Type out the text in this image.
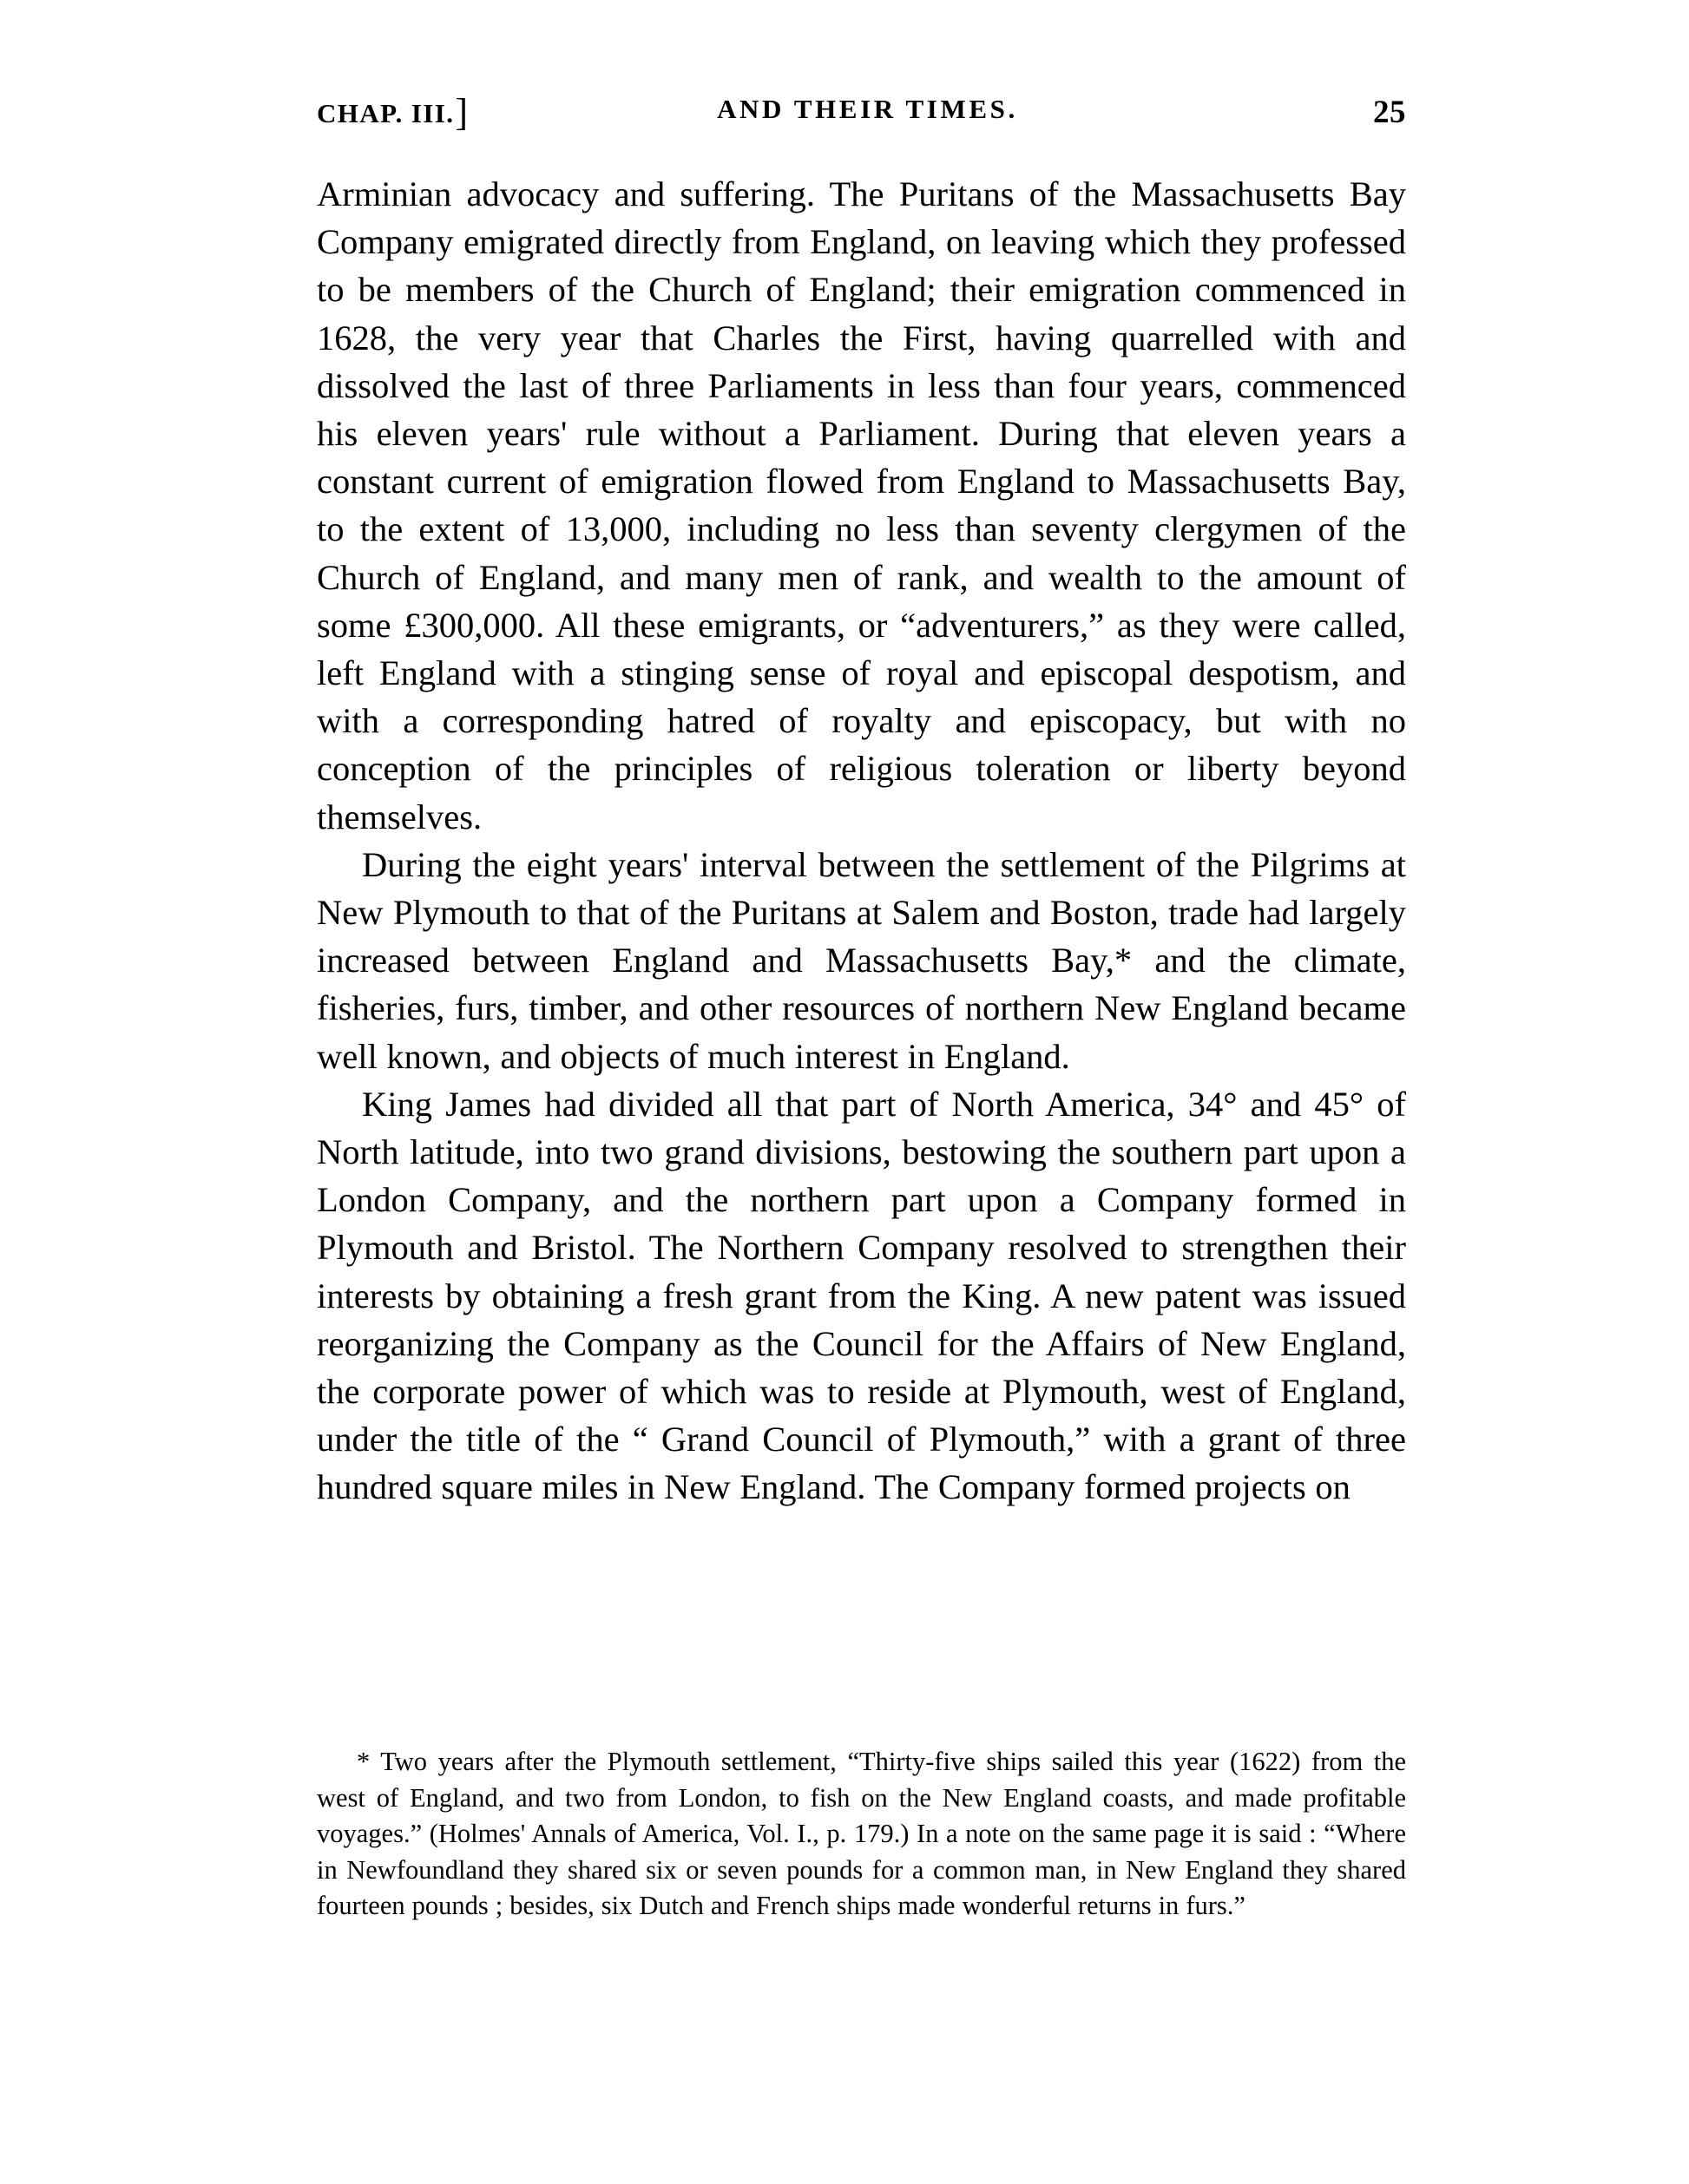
CHAP. III. ]	AND THEIR TIMES.	25

Arminian advocacy and suffering. The Puritans of the Massachusetts Bay Company emigrated directly from England, on leaving which they professed to be members of the Church of England; their emigration commenced in 1628, the very year that Charles the First, having quarrelled with and dissolved the last of three Parliaments in less than four years, commenced his eleven years' rule without a Parliament. During that eleven years a constant current of emigration flowed from England to Massachusetts Bay, to the extent of 13,000, including no less than seventy clergymen of the Church of England, and many men of rank, and wealth to the amount of some £300,000. All these emigrants, or “adventurers,” as they were called, left England with a stinging sense of royal and episcopal despotism, and with a corresponding hatred of royalty and episcopacy, but with no conception of the principles of religious toleration or liberty beyond themselves.

During the eight years' interval between the settlement of the Pilgrims at New Plymouth to that of the Puritans at Salem and Boston, trade had largely increased between England and Massachusetts Bay,* and the climate, fisheries, furs, timber, and other resources of northern New England became well known, and objects of much interest in England.

King James had divided all that part of North America, 34° and 45° of North latitude, into two grand divisions, bestowing the southern part upon a London Company, and the northern part upon a Company formed in Plymouth and Bristol. The Northern Company resolved to strengthen their interests by obtaining a fresh grant from the King. A new patent was issued reorganizing the Company as the Council for the Affairs of New England, the corporate power of which was to reside at Plymouth, west of England, under the title of the “ Grand Council of Plymouth,” with a grant of three hundred square miles in New England. The Company formed projects on

* Two years after the Plymouth settlement, “Thirty-five ships sailed this year (1622) from the west of England, and two from London, to fish on the New England coasts, and made profitable voyages.” (Holmes' Annals of America, Vol. I., p. 179.) In a note on the same page it is said : “Where in Newfoundland they shared six or seven pounds for a common man, in New England they shared fourteen pounds ; besides, six Dutch and French ships made wonderful returns in furs.”
